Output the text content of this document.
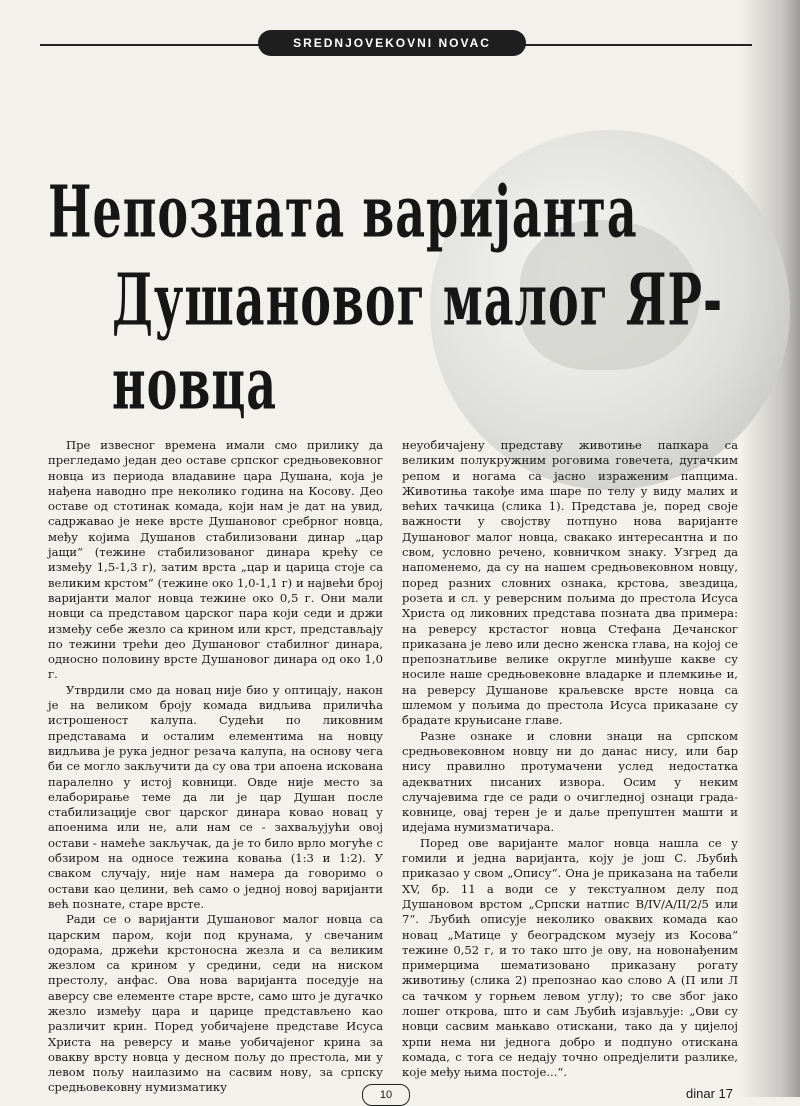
SREDNJOVEKOVNI NOVAC
Непозната варијанта
Душановог малог ЯР-новца

Пре извесног времена имали смо прилику да прегледамо један део оставе српског средњовековног новца из периода владавине цара Душана, која је нађена наводно пре неколико година на Косову. Део оставе од стотинак комада, који нам је дат на увид, садржавао је неке врсте Душановог сребрног новца, међу којима Душанов стабилизовани динар „цар јащи“ (тежине стабилизованог динара крећу се између 1,5-1,3 г), затим врста „цар и царица стоје са великим крстом“ (тежине око 1,0-1,1 г) и највећи број варијанти малог новца тежине око 0,5 г. Они мали новци са представом царског пара који седи и држи између себе жезло са крином или крст, представљају по тежини трећи део Душановог стабилног динара, односно половину врсте Душановог динара од око 1,0 г.

Утврдили смо да новац није био у оптицају, након је на великом броју комада видљива приличћа истрошеност калупа. Судећи по ликовним представама и осталим елементима на новцу видљива је рука једног резача калупа, на основу чега би се могло закључити да су ова три апоена искована паралелно у истој ковници. Овде није место за елаборирање теме да ли је цар Душан после стабилизације свог царског динара ковао новац у апоенима или не, али нам се - захваљујући овој остави - намеће закључак, да је то било врло могуће с обзиром на односе тежина ковања (1:3 и 1:2). У сваком случају, није нам намера да говоримо о остави као целини, већ само о једној новој варијанти већ познате, старе врсте.

Ради се о варијанти Душановог малог новца са царским паром, који под крунама, у свечаним одорама, држећи крстоносна жезла и са великим жезлом са крином у средини, седи на ниском престолу, анфас. Ова нова варијанта поседује на аверсу све елементе старе врсте, само што је дугачко жезло између цара и царице представљено као различит крин. Поред уобичајене представе Исуса Христа на реверсу и мање уобичајеног крина за овакву врсту новца у десном пољу до престола, ми у левом пољу наилазимо на сасвим нову, за српску средњовековну нумизматику

неуобичајену представу животиње папкара са великим полукружним роговима говечета, дугачким репом и ногама са јасно израженим папцима. Животиња такође има шаре по телу у виду малих и већих тачкица (слика 1). Представа је, поред своје важности у својству потпуно нова варијанте Душановог малог новца, свакако интересантна и по свом, условно речено, ковничком знаку. Узгред да напоменемо, да су на нашем средњовековном новцу, поред разних словних ознака, крстова, звездица, розета и сл. у реверсним пољима до престола Исуса Христа од ликовних представа позната два примера: на реверсу крстастог новца Стефана Дечанског приказана је лево или десно женска глава, на којој се препознатљиве велике округле минђуше какве су носиле наше средњовековне владарке и племкиње и, на реверсу Душанове краљевске врсте новца са шлемом у пољима до престола Исуса приказане су брадате круњисане главе.

Разне ознаке и словни знаци на српском средњовековном новцу ни до данас нису, или бар нису правилно протумачени услед недостатка адекватних писаних извора. Осим у неким случајевима где се ради о очигледној ознаци града-ковнице, овај терен је и даље препуштен машти и идејама нумизматичара.

Поред ове варијанте малог новца нашла се у гомили и једна варијанта, коју је још С. Љубић приказао у свом „Опису“. Она је приказана на табели XV, бр. 11 а води се у текстуалном делу под Душановом врстом „Српски натпис В/IV/A/II/2/5 или 7“. Љубић описује неколико оваквих комада као новац „Матице у београдском музеју из Косова“ тежине 0,52 г, и то тако што је ову, на новонађеним примерцима шематизовано приказану рогату животињу (слика 2) препознао као слово А (П или Л са тачком у горњем левом углу); то све због јако лошег открова, што и сам Љубић изјављује: „Ови су новци сасвим мањкаво отискани, тако да у цијелој хрпи нема ни једнога добро и подпуно отискана комада, с тога се недају точно опредјелити разлике, које међу њима постоје...“.

10	dinar 17
